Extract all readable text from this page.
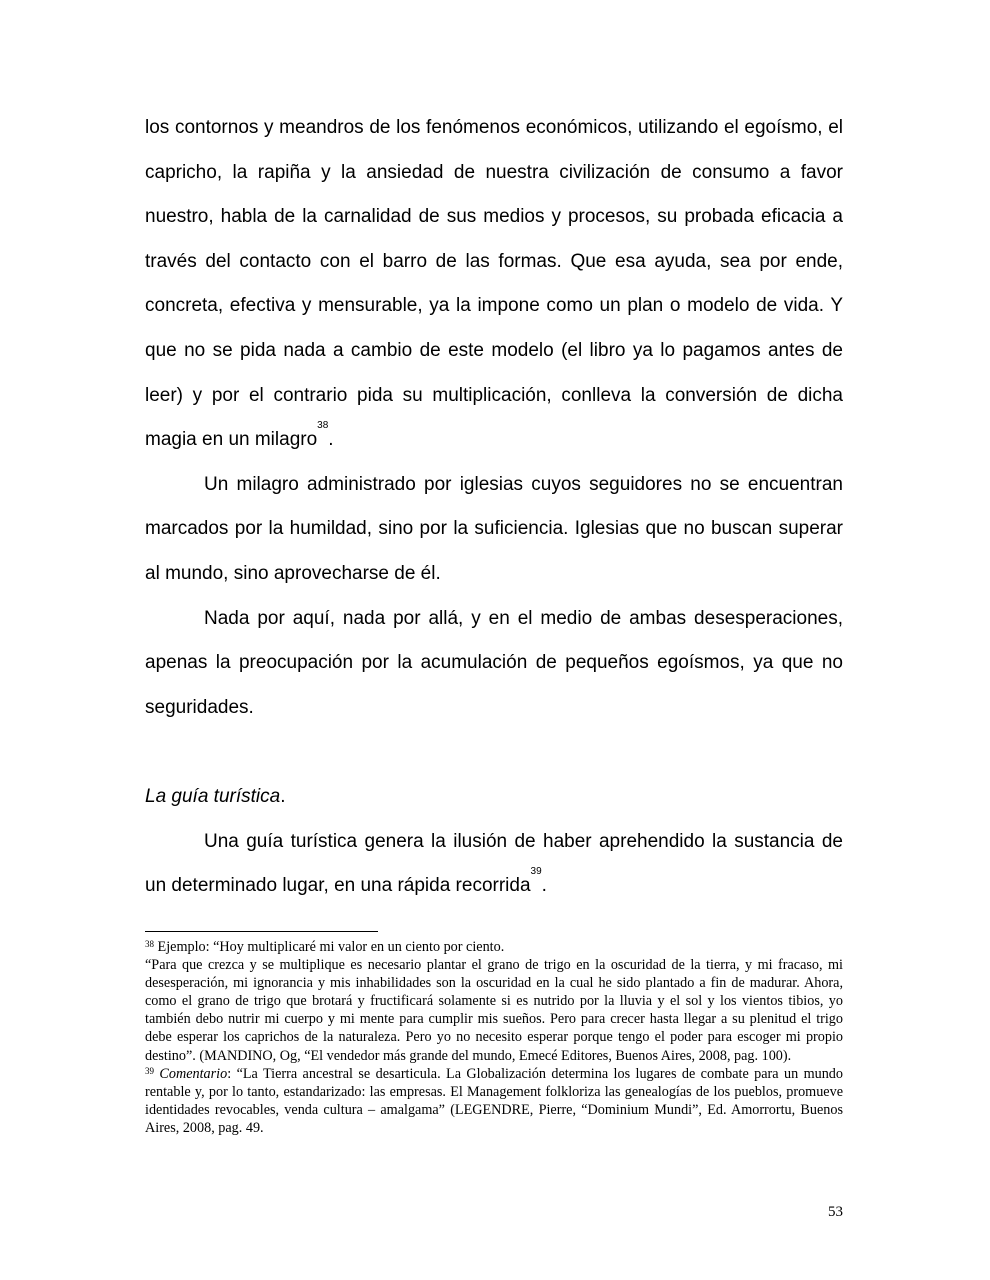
los contornos y meandros de los fenómenos económicos, utilizando el egoísmo, el capricho, la rapiña y la ansiedad de nuestra civilización de consumo a favor nuestro, habla de la carnalidad de sus medios y procesos, su probada eficacia a través del contacto con el barro de las formas. Que esa ayuda, sea por ende, concreta, efectiva y mensurable, ya la impone como un plan o modelo de vida. Y que no se pida nada a cambio de este modelo (el libro ya lo pagamos antes de leer) y por el contrario pida su multiplicación, conlleva la conversión de dicha magia en un milagro$^{38}$.

Un milagro administrado por iglesias cuyos seguidores no se encuentran marcados por la humildad, sino por la suficiencia. Iglesias que no buscan superar al mundo, sino aprovecharse de él.

Nada por aquí, nada por allá, y en el medio de ambas desesperaciones, apenas la preocupación por la acumulación de pequeños egoísmos, ya que no seguridades.

La guía turística.

Una guía turística genera la ilusión de haber aprehendido la sustancia de un determinado lugar, en una rápida recorrida$^{39}$.

$^{38}$ Ejemplo: “Hoy multiplicaré mi valor en un ciento por ciento.

“Para que crezca y se multiplique es necesario plantar el grano de trigo en la oscuridad de la tierra, y mi fracaso, mi desesperación, mi ignorancia y mis inhabilidades son la oscuridad en la cual he sido plantado a fin de madurar. Ahora, como el grano de trigo que brotará y fructificará solamente si es nutrido por la lluvia y el sol y los vientos tibios, yo también debo nutrir mi cuerpo y mi mente para cumplir mis sueños. Pero para crecer hasta llegar a su plenitud el trigo debe esperar los caprichos de la naturaleza. Pero yo no necesito esperar porque tengo el poder para escoger mi propio destino”. (MANDINO, Og, “El vendedor más grande del mundo, Emecé Editores, Buenos Aires, 2008, pag. 100).

$^{39}$ Comentario: “La Tierra ancestral se desarticula. La Globalización determina los lugares de combate para un mundo rentable y, por lo tanto, estandarizado: las empresas. El Management folkloriza las genealogías de los pueblos, promueve identidades revocables, venda cultura – amalgama” (LEGENDRE, Pierre, “Dominium Mundi”, Ed. Amorrortu, Buenos Aires, 2008, pag. 49.

53
